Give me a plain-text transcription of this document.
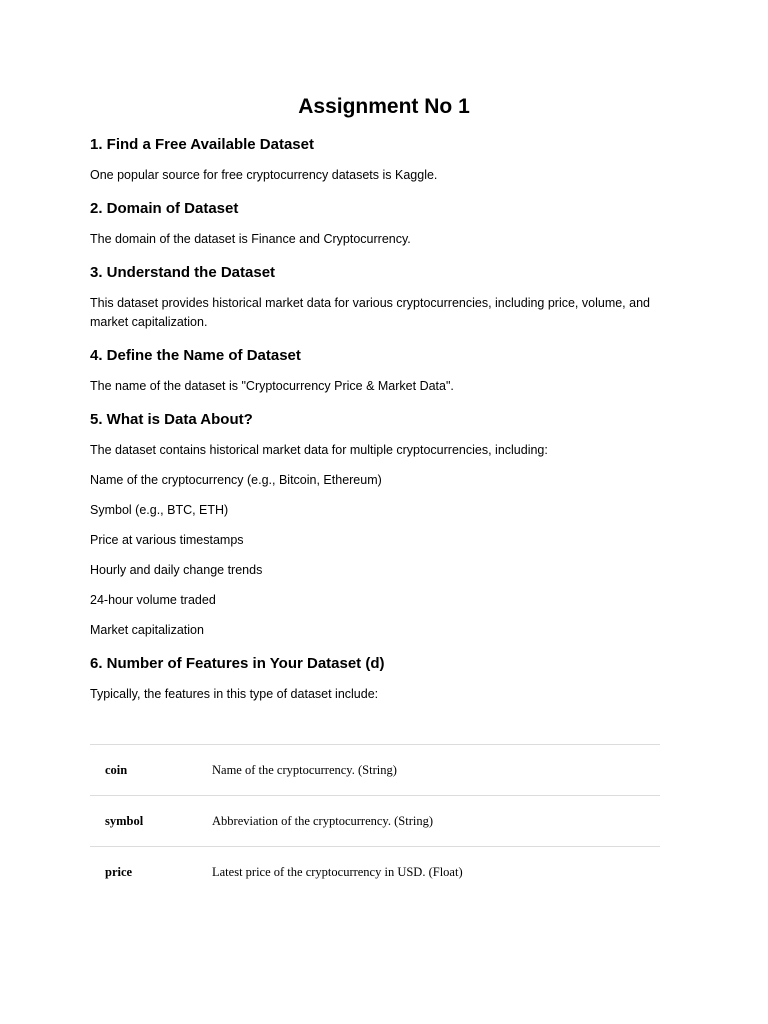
Assignment No 1
1. Find a Free Available Dataset

One popular source for free cryptocurrency datasets is Kaggle.

2. Domain of Dataset

The domain of the dataset is Finance and Cryptocurrency.

3. Understand the Dataset

This dataset provides historical market data for various cryptocurrencies, including price, volume, and market capitalization.

4. Define the Name of Dataset

The name of the dataset is "Cryptocurrency Price & Market Data".

5. What is Data About?

The dataset contains historical market data for multiple cryptocurrencies, including:

Name of the cryptocurrency (e.g., Bitcoin, Ethereum)

Symbol (e.g., BTC, ETH)

Price at various timestamps

Hourly and daily change trends

24-hour volume traded

Market capitalization

6. Number of Features in Your Dataset (d)

Typically, the features in this type of dataset include:

coin	Name of the cryptocurrency. (String)
symbol	Abbreviation of the cryptocurrency. (String)
price	Latest price of the cryptocurrency in USD. (Float)
